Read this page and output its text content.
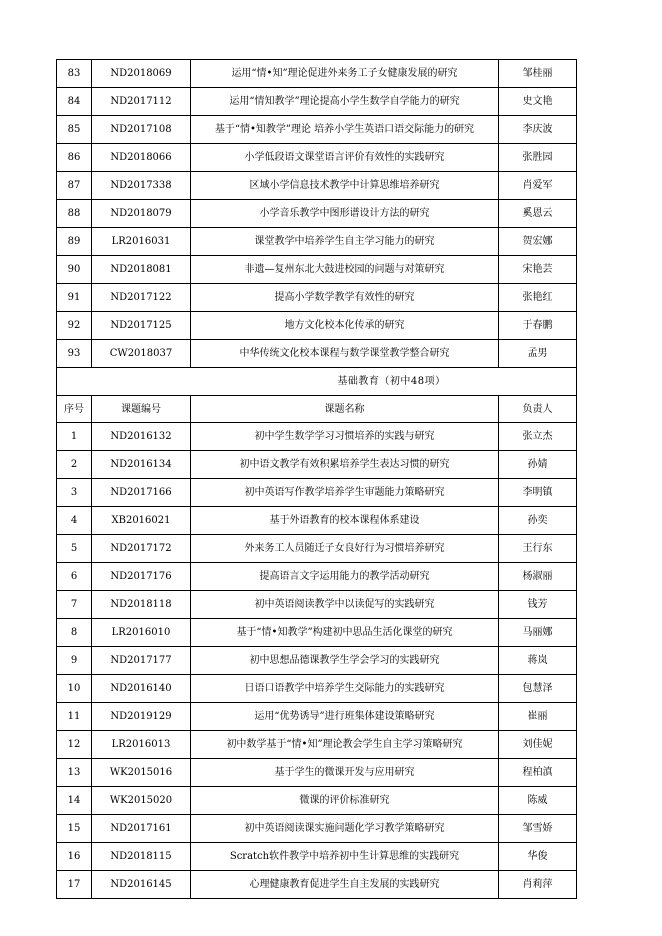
83	ND2018069	运用“情•知”理论促进外来务工子女健康发展的研究	邹桂丽
84	ND2017112	运用“情知教学”理论提高小学生数学自学能力的研究	史文艳
85	ND2017108	基于“情•知教学”理论 培养小学生英语口语交际能力的研究	李庆波
86	ND2018066	小学低段语文课堂语言评价有效性的实践研究	张胜园
87	ND2017338	区域小学信息技术教学中计算思维培养研究	肖爱军
88	ND2018079	小学音乐教学中图形谱设计方法的研究	奚恩云
89	LR2016031	课堂教学中培养学生自主学习能力的研究	贺宏娜
90	ND2018081	非遗—复州东北大鼓进校园的问题与对策研究	宋艳芸
91	ND2017122	提高小学数学教学有效性的研究	张艳红
92	ND2017125	地方文化校本化传承的研究	于春鹏
93	CW2018037	中华传统文化校本课程与数学课堂教学整合研究	孟男
基础教育（初中48项）			
序号	课题编号	课题名称	负责人
1	ND2016132	初中学生数学学习习惯培养的实践与研究	张立杰
2	ND2016134	初中语文教学有效积累培养学生表达习惯的研究	孙婧
3	ND2017166	初中英语写作教学培养学生审题能力策略研究	李明镇
4	XB2016021	基于外语教育的校本课程体系建设	孙奕
5	ND2017172	外来务工人员随迁子女良好行为习惯培养研究	王行东
6	ND2017176	提高语言文字运用能力的教学活动研究	杨淑丽
7	ND2018118	初中英语阅读教学中以读促写的实践研究	钱芳
8	LR2016010	基于“情•知教学”构建初中思品生活化课堂的研究	马丽娜
9	ND2017177	初中思想品德课教学生学会学习的实践研究	蒋岚
10	ND2016140	日语口语教学中培养学生交际能力的实践研究	包慧泽
11	ND2019129	运用“优势诱导”进行班集体建设策略研究	崔丽
12	LR2016013	初中数学基于“情•知”理论教会学生自主学习策略研究	刘佳妮
13	WK2015016	基于学生的微课开发与应用研究	程柏滇
14	WK2015020	微课的评价标准研究	陈威
15	ND2017161	初中英语阅读课实施问题化学习教学策略研究	邹雪娇
16	ND2018115	Scratch软件教学中培养初中生计算思维的实践研究	华俊
17	ND2016145	心理健康教育促进学生自主发展的实践研究	肖莉萍
